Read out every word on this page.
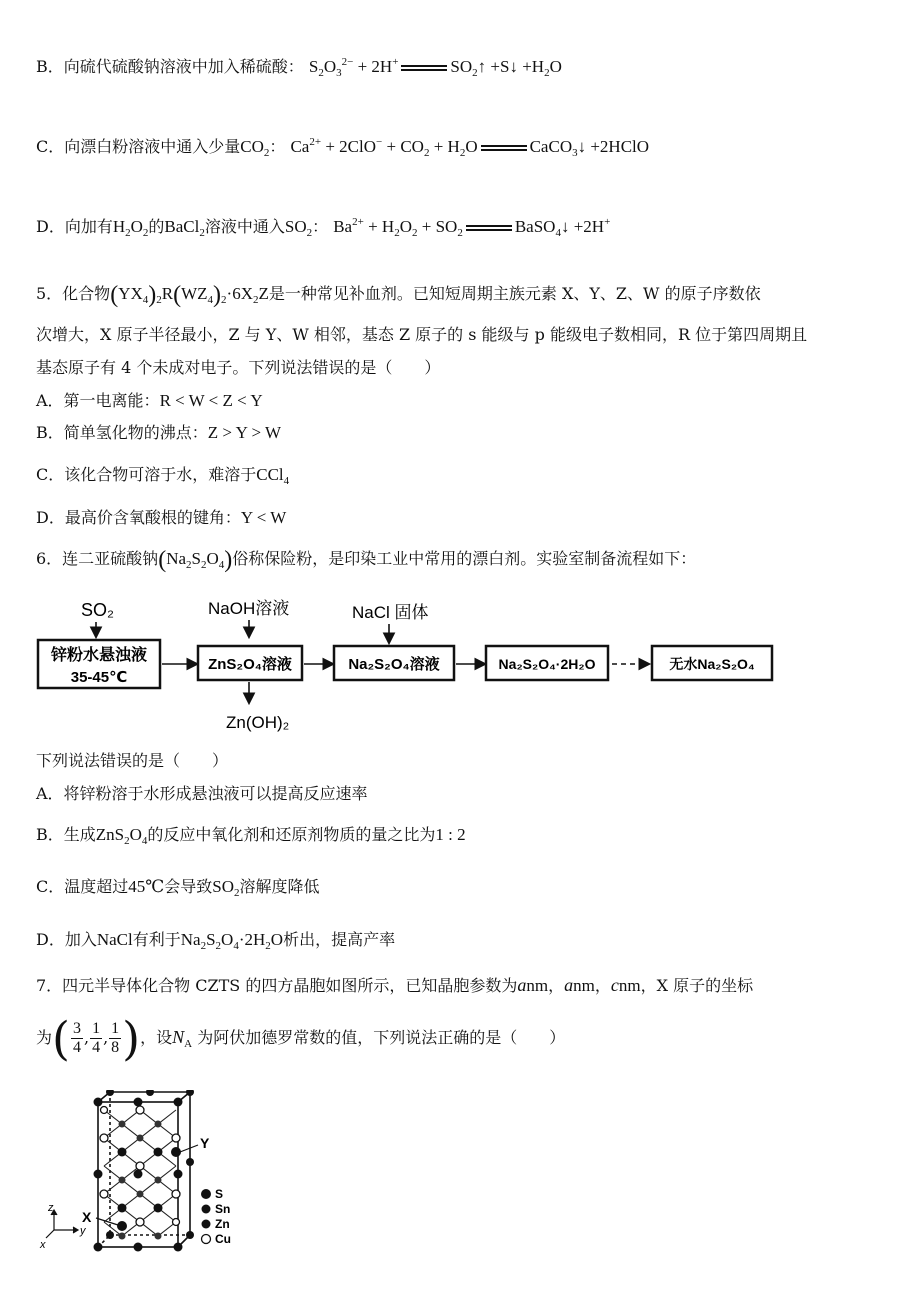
B．向硫代硫酸钠溶液中加入稀硫酸： $S_2O_3^{2-} + 2H^+$	$SO_2↑$ +S↓ $+H_2O$
C．向漂白粉溶液中通入少量$CO_2$： $Ca^{2+} + 2ClO^- + CO_2 + H_2O$	CaCO$_3$↓ +2HClO
D．向加有$H_2O_2$的BaCl$_2$溶液中通入$SO_2$： $Ba^{2+} + H_2O_2 + SO_2$	BaSO$_4$↓ +2H+
5．化合物$(YX_4)_2R(WZ_4)_2\cdot 6X_2Z$是一种常见补血剂。已知短周期主族元素 X、Y、Z、W 的原子序数依
次增大，X 原子半径最小，Z 与 Y、W 相邻，基态 Z 原子的 s 能级与 p 能级电子数相同，R 位于第四周期且
基态原子有 4 个未成对电子。下列说法错误的是（　　）
A．第一电离能：R < W < Z < Y
B．简单氢化物的沸点：Z > Y > W
C．该化合物可溶于水，难溶于CCl$_4$
D．最高价含氧酸根的键角：Y < W
6．连二亚硫酸钠$(Na_2S_2O_4)$俗称保险粉，是印染工业中常用的漂白剂。实验室制备流程如下：
SO₂	NaOH溶液	NaCl 固体
锌粉水悬浊液
35-45℃
ZnS₂O₄溶液
Zn(OH)₂
Na₂S₂O₄溶液	Na₂S₂O₄·2H₂O	无水Na₂S₂O₄
下列说法错误的是（　　）
A．将锌粉溶于水形成悬浊液可以提高反应速率
B．生成$ZnS_2O_4$的反应中氧化剂和还原剂物质的量之比为1 : 2
C．温度超过45℃会导致$SO_2$溶解度降低
D．加入NaCl有利于$Na_2S_2O_4\cdot 2H_2O$析出，提高产率
7．四元半导体化合物 CZTS 的四方晶胞如图所示，已知晶胞参数为anm，anm，cnm，X 原子的坐标
为( $\frac{3}{4}$ , $\frac{1}{4}$ , $\frac{1}{8}$ )，设$N_A$ 为阿伏加德罗常数的值，下列说法正确的是（　　）
X
Y
S
Sn
Zn
Cu
z
y
x
